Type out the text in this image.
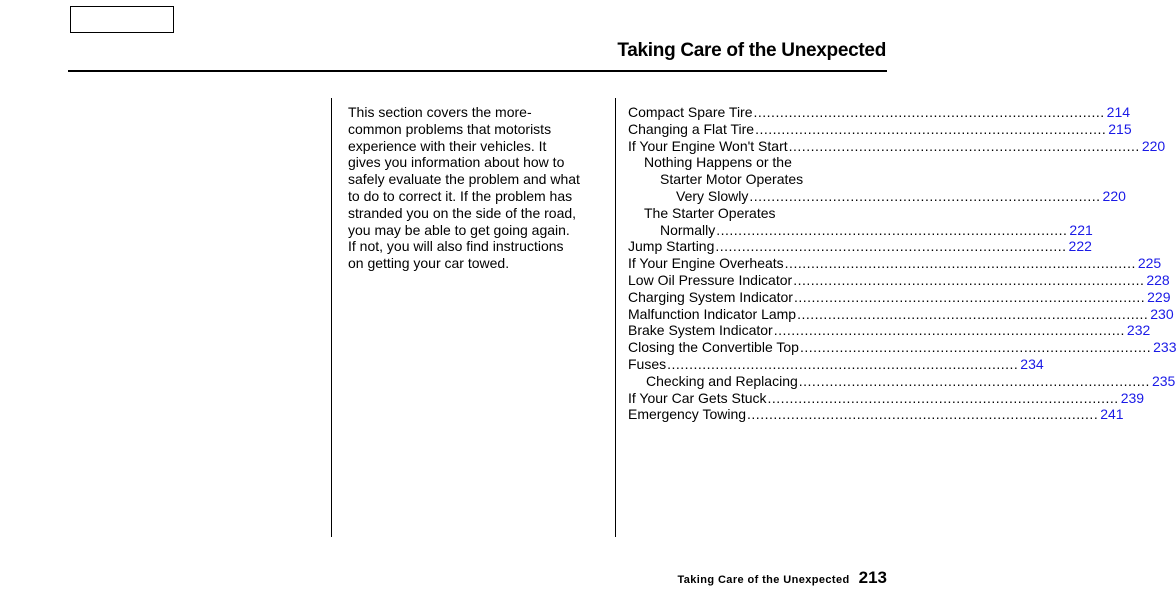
Taking Care of the Unexpected
This section covers the more-
common problems that motorists
experience with their vehicles. It
gives you information about how to
safely evaluate the problem and what
to do to correct it. If the problem has
stranded you on the side of the road,
you may be able to get going again.
If not, you will also find instructions
on getting your car towed.
Compact Spare Tire ................................................................................ 214
Changing a Flat Tire ................................................................................ 215
If Your Engine Won't Start ................................................................................ 220
Nothing Happens or the
Starter Motor Operates
Very Slowly ................................................................................ 220
The Starter Operates
Normally ................................................................................ 221
Jump Starting ................................................................................ 222
If Your Engine Overheats ................................................................................ 225
Low Oil Pressure Indicator ................................................................................ 228
Charging System Indicator ................................................................................ 229
Malfunction Indicator Lamp ................................................................................ 230
Brake System Indicator ................................................................................ 232
Closing the Convertible Top ................................................................................ 233
Fuses ................................................................................ 234
Checking and Replacing ................................................................................ 235
If Your Car Gets Stuck ................................................................................ 239
Emergency Towing ................................................................................ 241
Taking Care of the Unexpected 213
